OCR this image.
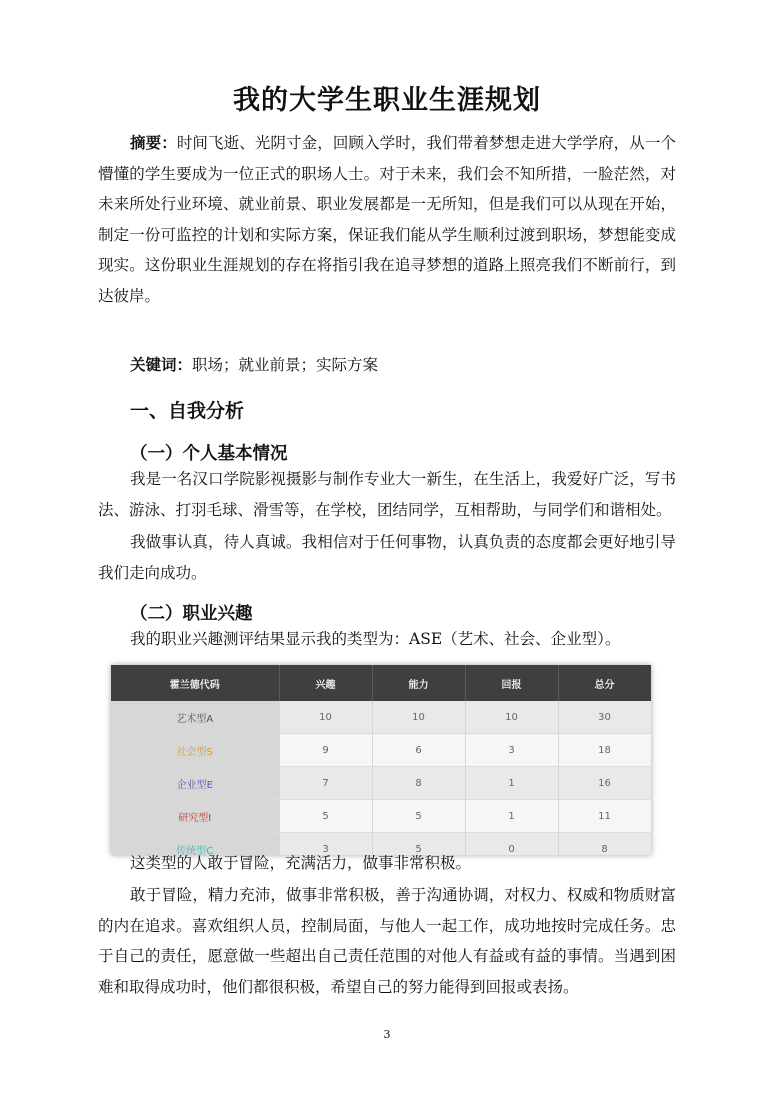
我的大学生职业生涯规划

摘要：时间飞逝、光阴寸金，回顾入学时，我们带着梦想走进大学学府，从一个懵懂的学生要成为一位正式的职场人士。对于未来，我们会不知所措，一脸茫然，对未来所处行业环境、就业前景、职业发展都是一无所知，但是我们可以从现在开始，制定一份可监控的计划和实际方案，保证我们能从学生顺利过渡到职场，梦想能变成现实。这份职业生涯规划的存在将指引我在追寻梦想的道路上照亮我们不断前行，到达彼岸。

关键词：职场；就业前景；实际方案

一、自我分析
（一）个人基本情况

我是一名汉口学院影视摄影与制作专业大一新生，在生活上，我爱好广泛，写书法、游泳、打羽毛球、滑雪等，在学校，团结同学，互相帮助，与同学们和谐相处。

我做事认真，待人真诚。我相信对于任何事物，认真负责的态度都会更好地引导我们走向成功。

（二）职业兴趣

我的职业兴趣测评结果显示我的类型为：ASE（艺术、社会、企业型）。

霍兰德代码	兴趣	能力	回报	总分
艺术型A	10	10	10	30
社会型S	9	6	3	18
企业型E	7	8	1	16
研究型I	5	5	1	11
传统型C	3	5	0	8

这类型的人敢于冒险，充满活力，做事非常积极。

敢于冒险，精力充沛，做事非常积极，善于沟通协调，对权力、权威和物质财富的内在追求。喜欢组织人员，控制局面，与他人一起工作，成功地按时完成任务。忠于自己的责任，愿意做一些超出自己责任范围的对他人有益或有益的事情。当遇到困难和取得成功时，他们都很积极，希望自己的努力能得到回报或表扬。

3
